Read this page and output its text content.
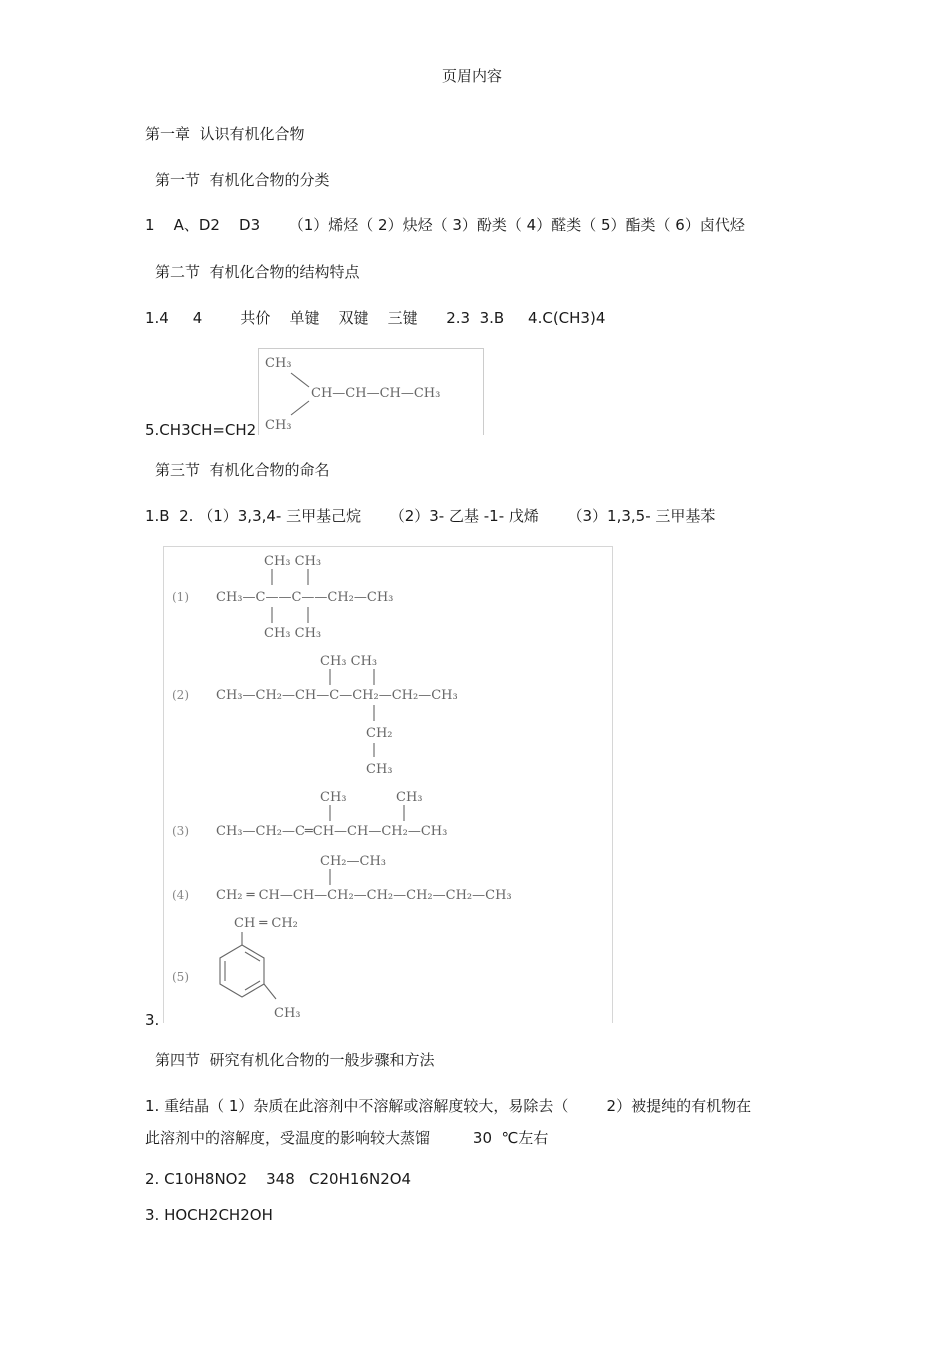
页眉内容
第一章  认识有机化合物
第一节  有机化合物的分类
1    A、D2    D3      （1）烯烃（ 2）炔烃（ 3）酚类（ 4）醛类（ 5）酯类（ 6）卤代烃
第二节  有机化合物的结构特点
1.4     4        共价    单键    双键    三键      2.3  3.B     4.C(CH3)4
CH₃
CH—CH—CH—CH₃
CH₃
5.CH3CH=CH2
第三节  有机化合物的命名
1.B  2. （1）3,3,4- 三甲基己烷      （2）3- 乙基 -1- 戊烯      （3）1,3,5- 三甲基苯
(1)
CH₃ CH₃
CH₃—C——C——CH₂—CH₃
CH₃ CH₃
(2)
CH₃ CH₃
CH₃—CH₂—CH—C—CH₂—CH₂—CH₃
CH₂
CH₃
(3)
CH₃	CH₃
CH₃—CH₂—C═CH—CH—CH₂—CH₃
(4)
CH₂—CH₃
CH₂ ═ CH—CH—CH₂—CH₂—CH₂—CH₂—CH₃
(5)
CH ═ CH₂
CH₃
3.
第四节  研究有机化合物的一般步骤和方法
1. 重结晶（ 1）杂质在此溶剂中不溶解或溶解度较大，易除去（        2）被提纯的有机物在
此溶剂中的溶解度，受温度的影响较大蒸馏         30  ℃左右
2. C10H8NO2    348   C20H16N2O4
3. HOCH2CH2OH
